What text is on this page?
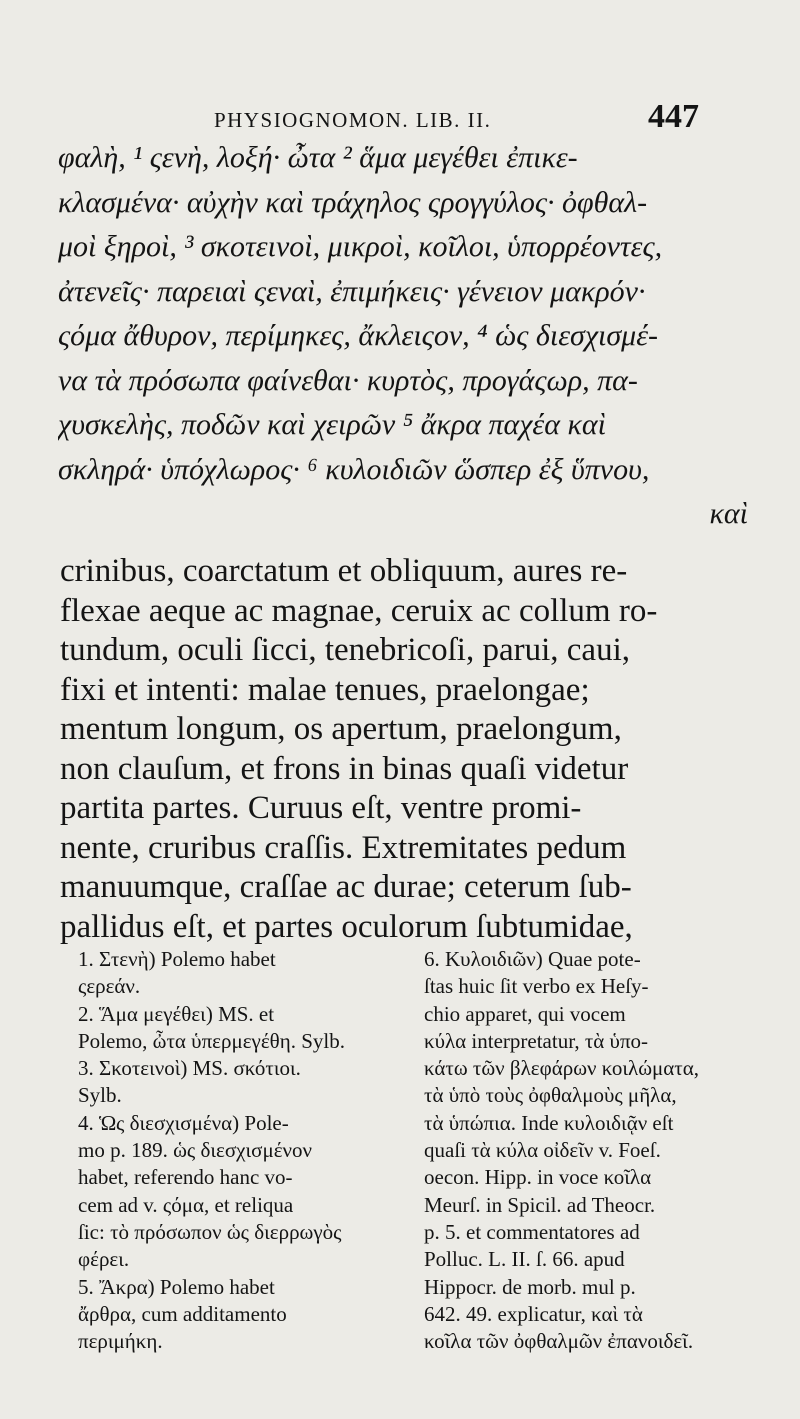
PHYSIOGNOMON. LIB. II.	447
φαλὴ, ¹ ςενὴ, λοξή· ὦτα ² ἅμα μεγέθει ἐπικε-
κλασμένα· αὐχὴν καὶ τράχηλος ςρογγύλος· ὀφθαλ-
μοὶ ξηροὶ, ³ σκοτεινοὶ, μικροὶ, κοῖλοι, ὑπορρέοντες,
ἀτενεῖς· παρειαὶ ςεναὶ, ἐπιμήκεις· γένειον μακρόν·
ςόμα ἄθυρον, περίμηκες, ἄκλειςον, ⁴ ὡς διεσχισμέ-
να τὰ πρόσωπα φαίνεθαι· κυρτὸς, προγάςωρ, πα-
χυσκελὴς, ποδῶν καὶ χειρῶν ⁵ ἄκρα παχέα καὶ
σκληρά· ὑπόχλωρος· ⁶ κυλοιδιῶν ὥσπερ ἐξ ὕπνου,
καὶ
crinibus, coarctatum et obliquum, aures re-
flexae aeque ac magnae, ceruix ac collum ro-
tundum, oculi ſicci, tenebricoſi, parui, caui,
fixi et intenti: malae tenues, praelongae;
mentum longum, os apertum, praelongum,
non clauſum, et frons in binas quaſi videtur
partita partes. Curuus eſt, ventre promi-
nente, cruribus craſſis. Extremitates pedum
manuumque, craſſae ac durae; ceterum ſub-
pallidus eſt, et partes oculorum ſubtumidae,
1. Στενὴ) Polemo habet
ςερεάν.
2. Ἅμα μεγέθει) MS. et
Polemo, ὦτα ὑπερμεγέθη. Sylb.
3. Σκοτεινοὶ) MS. σκότιοι.
Sylb.
4. Ὡς διεσχισμένα) Pole-
mo p. 189. ὡς διεσχισμένον
habet, referendo hanc vo-
cem ad v. ςόμα, et reliqua
ſic: τὸ πρόσωπον ὡς διερρωγὸς
φέρει.
5. Ἄκρα) Polemo habet
ἄρθρα, cum additamento
περιμήκη.
6. Κυλοιδιῶν) Quae pote-
ſtas huic ſit verbo ex Heſy-
chio apparet, qui vocem
κύλα interpretatur, τὰ ὑπο-
κάτω τῶν βλεφάρων κοιλώματα,
τὰ ὑπὸ τοὺς ὀφθαλμοὺς μῆλα,
τὰ ὑπώπια. Inde κυλοιδιᾷν eſt
quaſi τὰ κύλα οἰδεῖν v. Foeſ.
oecon. Hipp. in voce κοῖλα
Meurſ. in Spicil. ad Theocr.
p. 5. et commentatores ad
Polluc. L. II. ſ. 66. apud
Hippocr. de morb. mul p.
642. 49. explicatur, καὶ τὰ
κοῖλα τῶν ὀφθαλμῶν ἐπανοιδεῖ.
